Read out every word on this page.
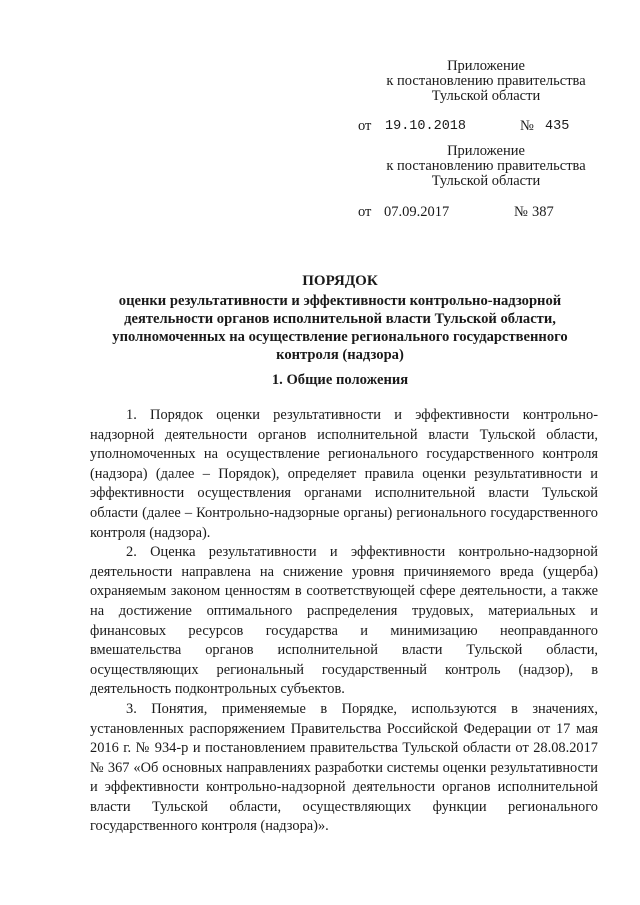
Приложение
к постановлению правительства
Тульской области
от 19.10.2018	№ 435
Приложение
к постановлению правительства
Тульской области
от 07.09.2017	№ 387
ПОРЯДОК
оценки результативности и эффективности контрольно-надзорной
деятельности органов исполнительной власти Тульской области,
уполномоченных на осуществление регионального государственного
контроля (надзора)
1. Общие положения

1. Порядок оценки результативности и эффективности контрольно-надзорной деятельности органов исполнительной власти Тульской области, уполномоченных на осуществление регионального государственного контроля (надзора) (далее – Порядок), определяет правила оценки результативности и эффективности осуществления органами исполнительной власти Тульской области (далее – Контрольно-надзорные органы) регионального государственного контроля (надзора).

2. Оценка результативности и эффективности контрольно-надзорной деятельности направлена на снижение уровня причиняемого вреда (ущерба) охраняемым законом ценностям в соответствующей сфере деятельности, а также на достижение оптимального распределения трудовых, материальных и финансовых ресурсов государства и минимизацию неоправданного вмешательства органов исполнительной власти Тульской области, осуществляющих региональный государственный контроль (надзор), в деятельность подконтрольных субъектов.

3. Понятия, применяемые в Порядке, используются в значениях, установленных распоряжением Правительства Российской Федерации от 17 мая 2016 г. № 934-р и постановлением правительства Тульской области от 28.08.2017 № 367 «Об основных направлениях разработки системы оценки результативности и эффективности контрольно-надзорной деятельности органов исполнительной власти Тульской области, осуществляющих функции регионального государственного контроля (надзора)».
